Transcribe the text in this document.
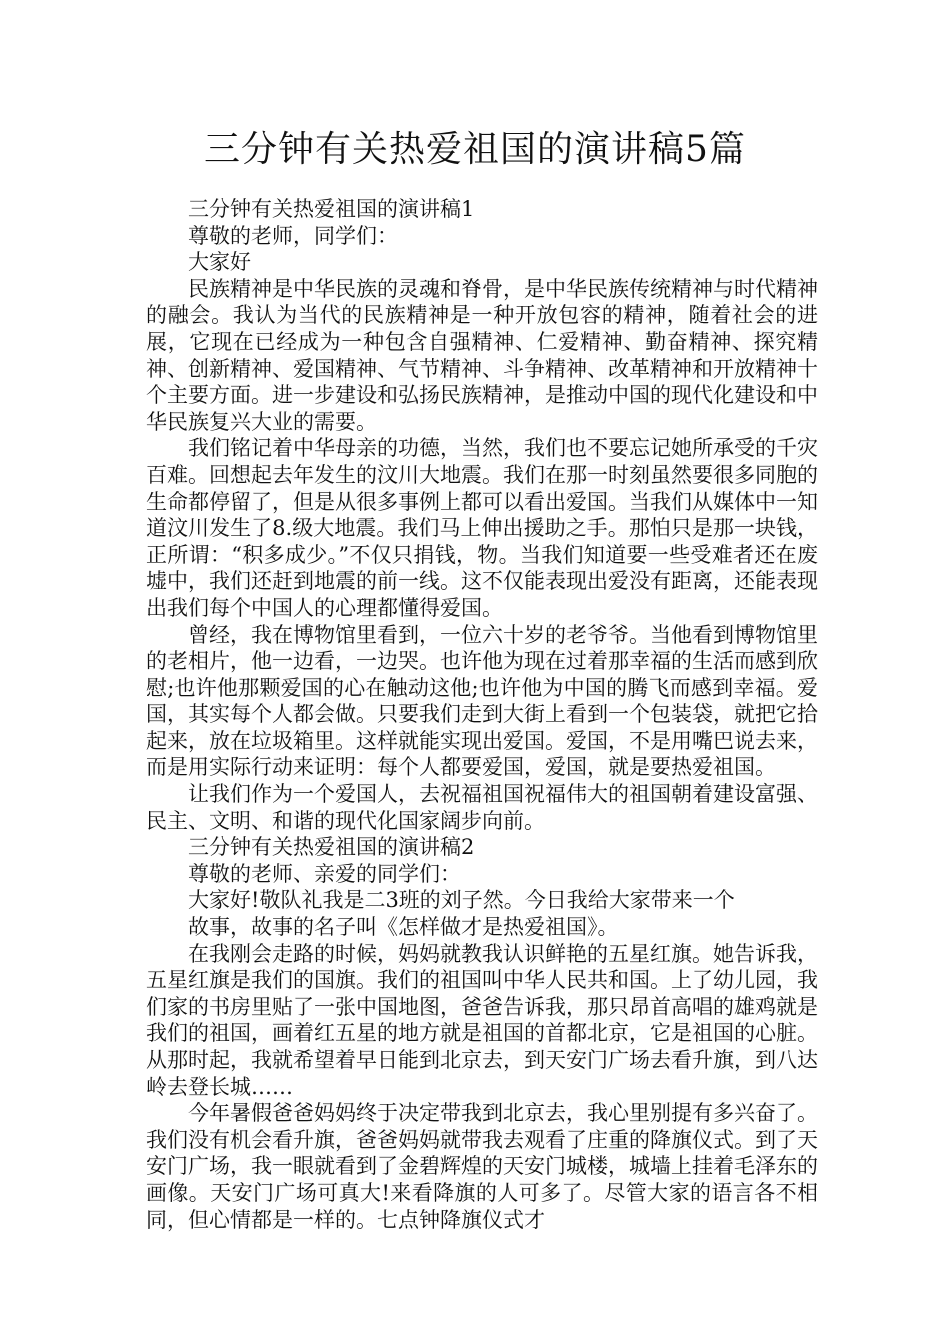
三分钟有关热爱祖国的演讲稿5篇

三分钟有关热爱祖国的演讲稿1

尊敬的老师，同学们：

大家好

民族精神是中华民族的灵魂和脊骨，是中华民族传统精神与时代精神的融会。我认为当代的民族精神是一种开放包容的精神，随着社会的进展，它现在已经成为一种包含自强精神、仁爱精神、勤奋精神、探究精神、创新精神、爱国精神、气节精神、斗争精神、改革精神和开放精神十个主要方面。进一步建设和弘扬民族精神，是推动中国的现代化建设和中华民族复兴大业的需要。

我们铭记着中华母亲的功德，当然，我们也不要忘记她所承受的千灾百难。回想起去年发生的汶川大地震。我们在那一时刻虽然要很多同胞的生命都停留了，但是从很多事例上都可以看出爱国。当我们从媒体中一知道汶川发生了8.级大地震。我们马上伸出援助之手。那怕只是那一块钱，正所谓：“积多成少。”不仅只捐钱，物。当我们知道要一些受难者还在废墟中，我们还赶到地震的前一线。这不仅能表现出爱没有距离，还能表现出我们每个中国人的心理都懂得爱国。

曾经，我在博物馆里看到，一位六十岁的老爷爷。当他看到博物馆里的老相片，他一边看，一边哭。也许他为现在过着那幸福的生活而感到欣慰;也许他那颗爱国的心在触动这他;也许他为中国的腾飞而感到幸福。爱国，其实每个人都会做。只要我们走到大街上看到一个包装袋，就把它拾起来，放在垃圾箱里。这样就能实现出爱国。爱国，不是用嘴巴说去来，而是用实际行动来证明：每个人都要爱国，爱国，就是要热爱祖国。

让我们作为一个爱国人，去祝福祖国祝福伟大的祖国朝着建设富强、民主、文明、和谐的现代化国家阔步向前。

三分钟有关热爱祖国的演讲稿2

尊敬的老师、亲爱的同学们：

大家好!敬队礼我是二3班的刘子然。今日我给大家带来一个

故事，故事的名子叫《怎样做才是热爱祖国》。

在我刚会走路的时候，妈妈就教我认识鲜艳的五星红旗。她告诉我，五星红旗是我们的国旗。我们的祖国叫中华人民共和国。上了幼儿园，我们家的书房里贴了一张中国地图，爸爸告诉我，那只昂首高唱的雄鸡就是我们的祖国，画着红五星的地方就是祖国的首都北京，它是祖国的心脏。从那时起，我就希望着早日能到北京去，到天安门广场去看升旗，到八达岭去登长城……

今年暑假爸爸妈妈终于决定带我到北京去，我心里别提有多兴奋了。我们没有机会看升旗，爸爸妈妈就带我去观看了庄重的降旗仪式。到了天安门广场，我一眼就看到了金碧辉煌的天安门城楼，城墙上挂着毛泽东的画像。天安门广场可真大!来看降旗的人可多了。尽管大家的语言各不相同，但心情都是一样的。七点钟降旗仪式才
